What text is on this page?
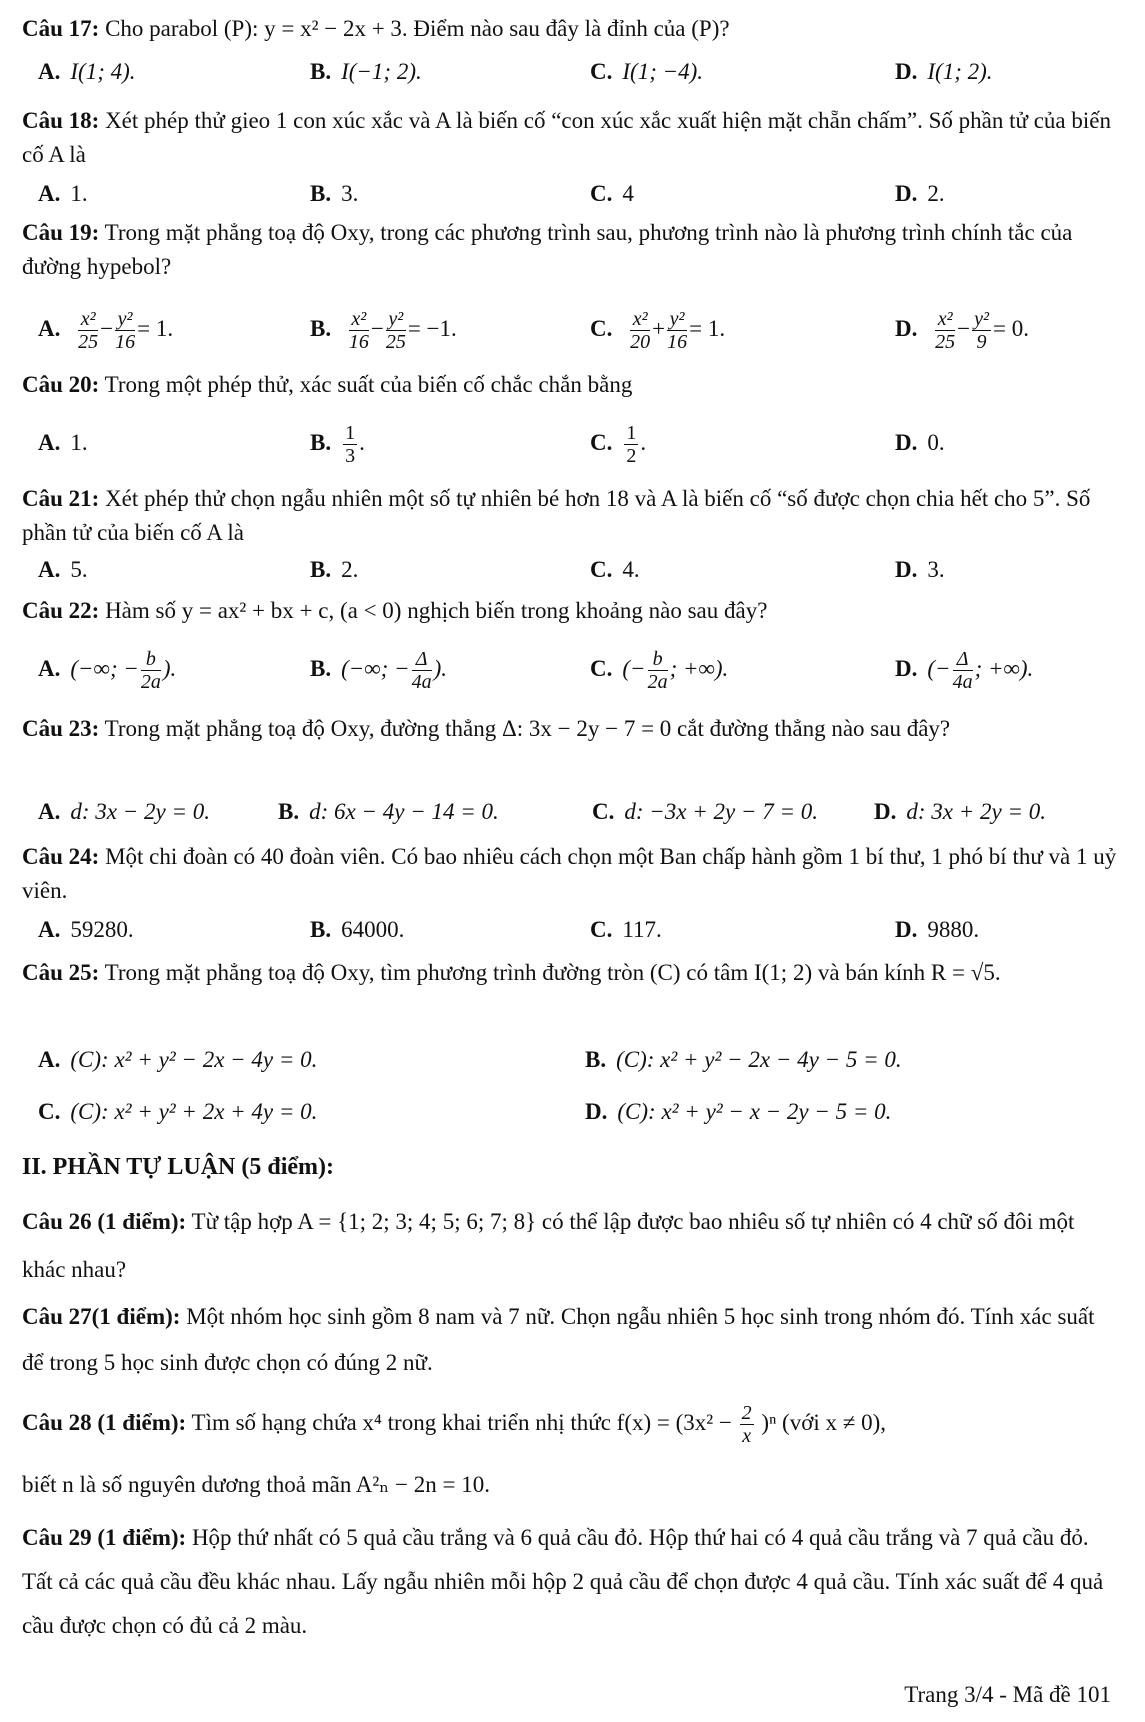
Câu 17: Cho parabol (P): y = x² − 2x + 3. Điểm nào sau đây là đỉnh của (P)?
A. I(1; 4).	B. I(−1; 2).	C. I(1; −4).	D. I(1; 2).
Câu 18: Xét phép thử gieo 1 con xúc xắc và A là biến cố “con xúc xắc xuất hiện mặt chẵn chấm”. Số phần tử của biến cố A là
A. 1.	B. 3.	C. 4	D. 2.
Câu 19: Trong mặt phẳng toạ độ Oxy, trong các phương trình sau, phương trình nào là phương trình chính tắc của đường hypebol?
A. $\frac{\text{x²}}{25} - \frac{\text{y²}}{16} = 1$.	B. $\frac{\text{x²}}{16} - \frac{\text{y²}}{25} = -1$.	C. $\frac{\text{x²}}{20} + \frac{\text{y²}}{16} = 1$.	D. $\frac{\text{x²}}{25} - \frac{\text{y²}}{9} = 0$.
Câu 20: Trong một phép thử, xác suất của biến cố chắc chắn bằng
A. 1.	B. $\frac{1}{3}$ .	C. $\frac{1}{2}$ .	D. 0.
Câu 21: Xét phép thử chọn ngẫu nhiên một số tự nhiên bé hơn 18 và A là biến cố “số được chọn chia hết cho 5”. Số phần tử của biến cố A là
A. 5.	B. 2.	C. 4.	D. 3.
Câu 22: Hàm số y = ax² + bx + c, (a < 0) nghịch biến trong khoảng nào sau đây?
A. (−∞; − $\frac{b}{2a}$ ).	B. (−∞; − $\frac{\Delta}{4a}$ ).	C. (− $\frac{b}{2a}$ ; +∞).	D. (− $\frac{\Delta}{4a}$ ; +∞).
Câu 23: Trong mặt phẳng toạ độ Oxy, đường thẳng Δ: 3x − 2y − 7 = 0 cắt đường thẳng nào sau đây?
A. d: 3x − 2y = 0.	B. d: 6x − 4y − 14 = 0.	C. d: −3x + 2y − 7 = 0. D. d: 3x + 2y = 0.
Câu 24: Một chi đoàn có 40 đoàn viên. Có bao nhiêu cách chọn một Ban chấp hành gồm 1 bí thư, 1 phó bí thư và 1 uỷ viên.
A. 59280.	B. 64000.	C. 117.	D. 9880.
Câu 25: Trong mặt phẳng toạ độ Oxy, tìm phương trình đường tròn (C) có tâm I(1; 2) và bán kính R = √5.
A. (C): x² + y² − 2x − 4y = 0.	B. (C): x² + y² − 2x − 4y − 5 = 0.
C. (C): x² + y² + 2x + 4y = 0.	D. (C): x² + y² − x − 2y − 5 = 0.
II. PHẦN TỰ LUẬN (5 điểm):
Câu 26 (1 điểm): Từ tập hợp A = {1; 2; 3; 4; 5; 6; 7; 8} có thể lập được bao nhiêu số tự nhiên có 4 chữ số đôi một khác nhau?
Câu 27(1 điểm): Một nhóm học sinh gồm 8 nam và 7 nữ. Chọn ngẫu nhiên 5 học sinh trong nhóm đó. Tính xác suất để trong 5 học sinh được chọn có đúng 2 nữ.
Câu 28 (1 điểm): Tìm số hạng chứa x⁴ trong khai triển nhị thức $f(x) = (3x^2 - \frac{2}{x} )^n$ (với x ≠ 0),
biết n là số nguyên dương thoả mãn A²ₙ − 2n = 10.
Câu 29 (1 điểm): Hộp thứ nhất có 5 quả cầu trắng và 6 quả cầu đỏ. Hộp thứ hai có 4 quả cầu trắng và 7 quả cầu đỏ. Tất cả các quả cầu đều khác nhau. Lấy ngẫu nhiên mỗi hộp 2 quả cầu để chọn được 4 quả cầu. Tính xác suất để 4 quả cầu được chọn có đủ cả 2 màu.
Trang 3/4 - Mã đề 101
